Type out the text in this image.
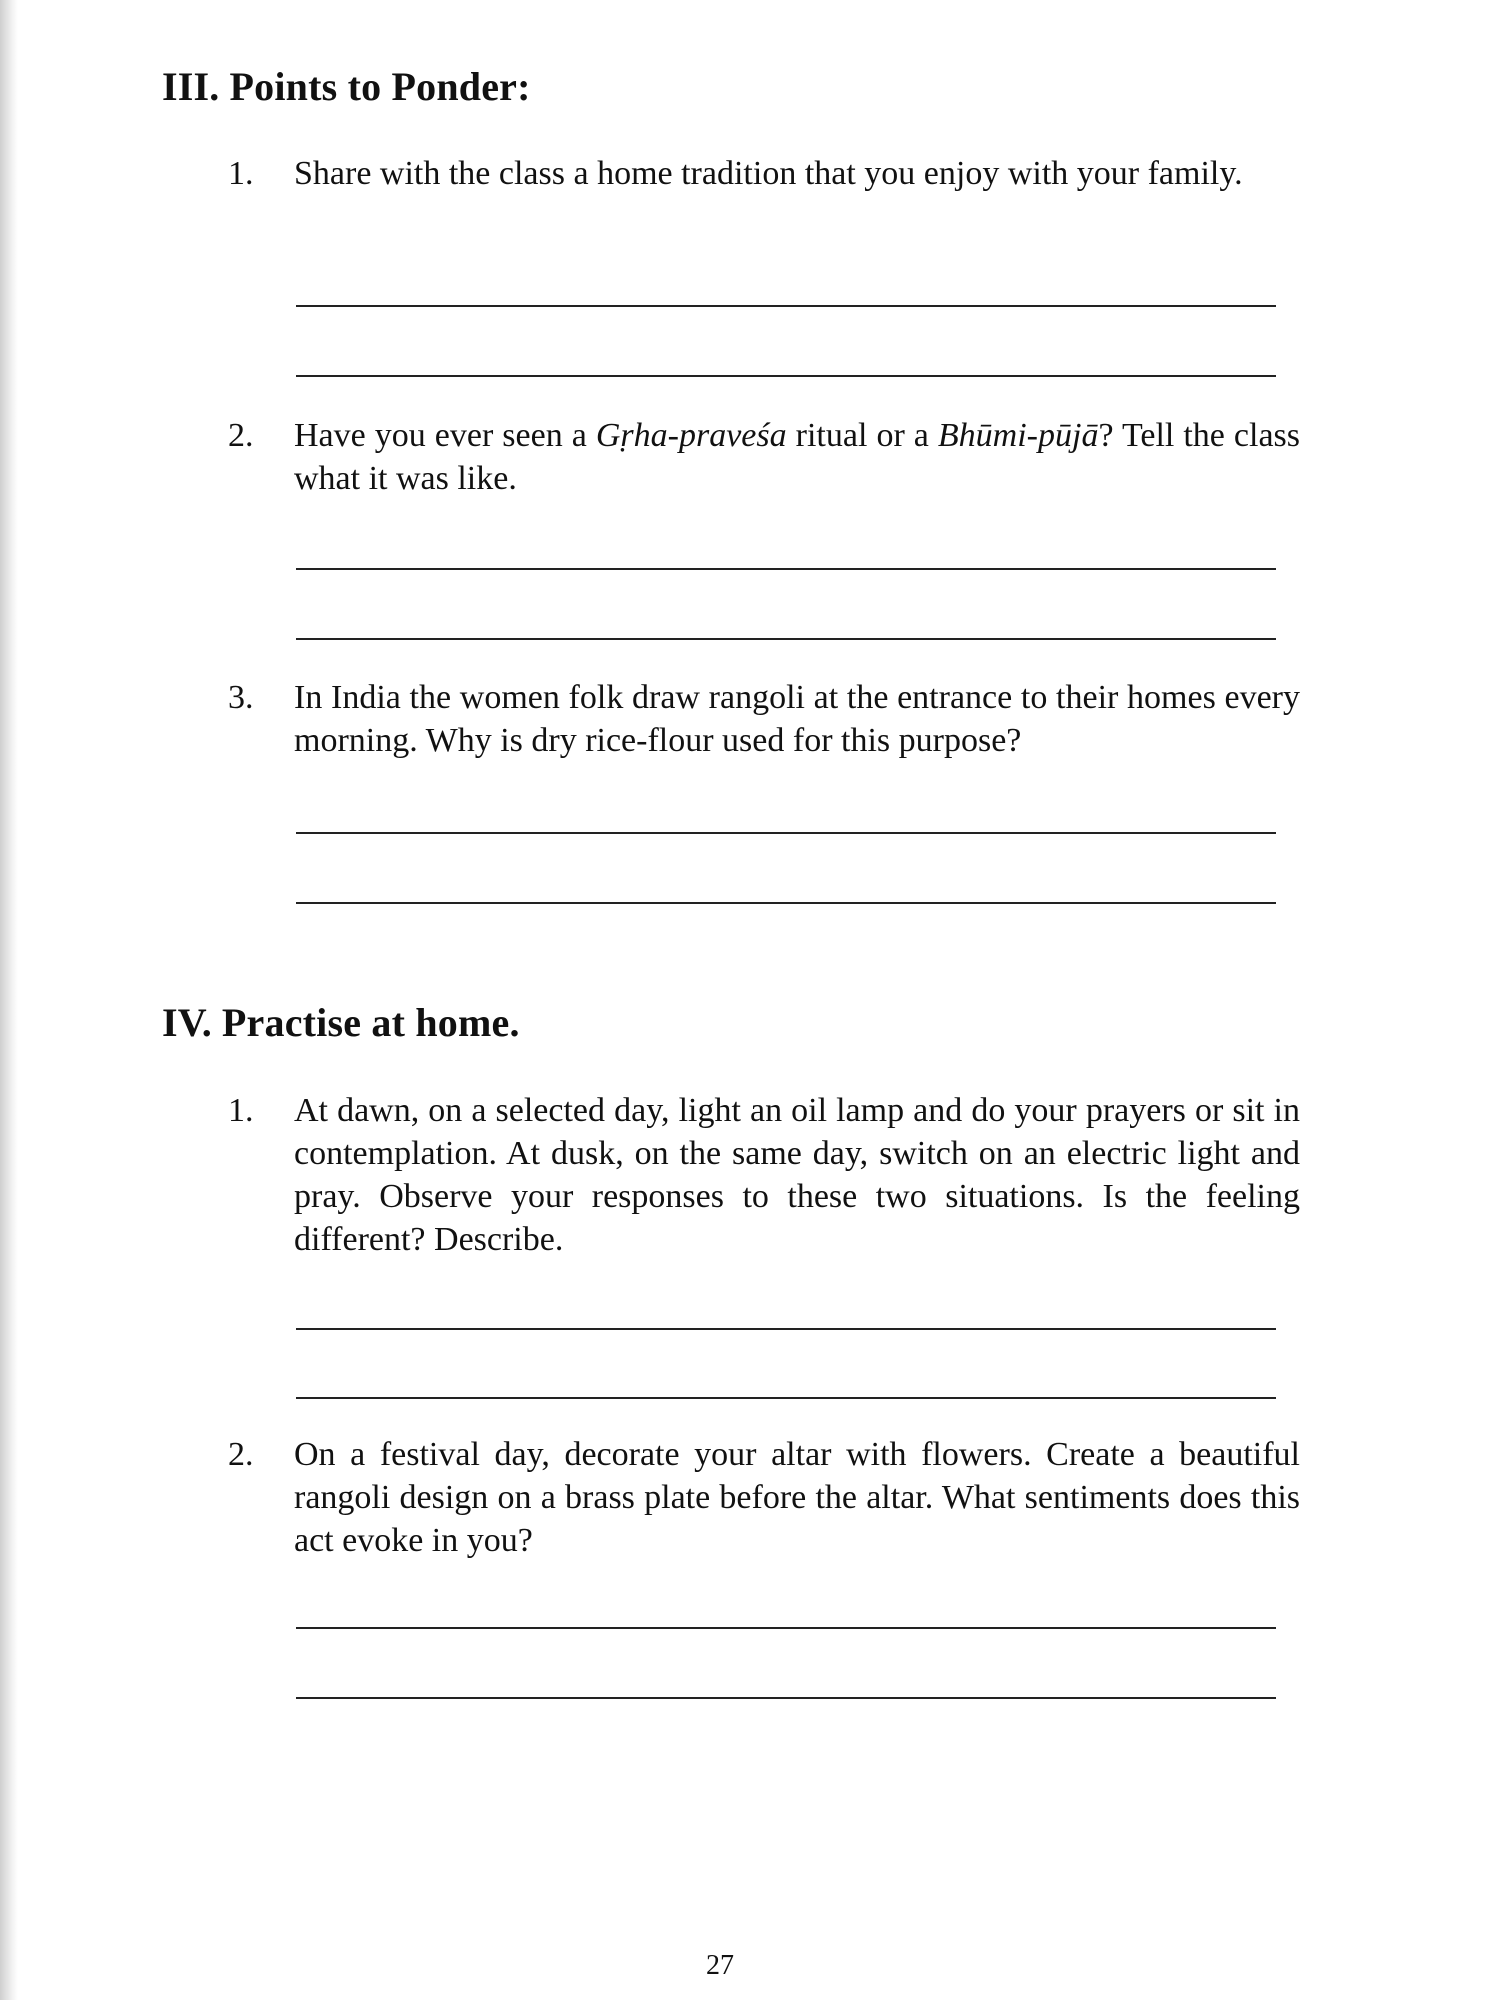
III. Points to Ponder:
1.	Share with the class a home tradition that you enjoy with your family.

2.	Have you ever seen a Gṛha-praveśa ritual or a Bhūmi-pūjā? Tell the class what it was like.

3.	In India the women folk draw rangoli at the entrance to their homes every morning. Why is dry rice-flour used for this purpose?

IV. Practise at home.
1.	At dawn, on a selected day, light an oil lamp and do your prayers or sit in contemplation. At dusk, on the same day, switch on an electric light and pray. Observe your responses to these two situations. Is the feeling different? Describe.

2.	On a festival day, decorate your altar with flowers. Create a beautiful rangoli design on a brass plate before the altar. What sentiments does this act evoke in you?

27
